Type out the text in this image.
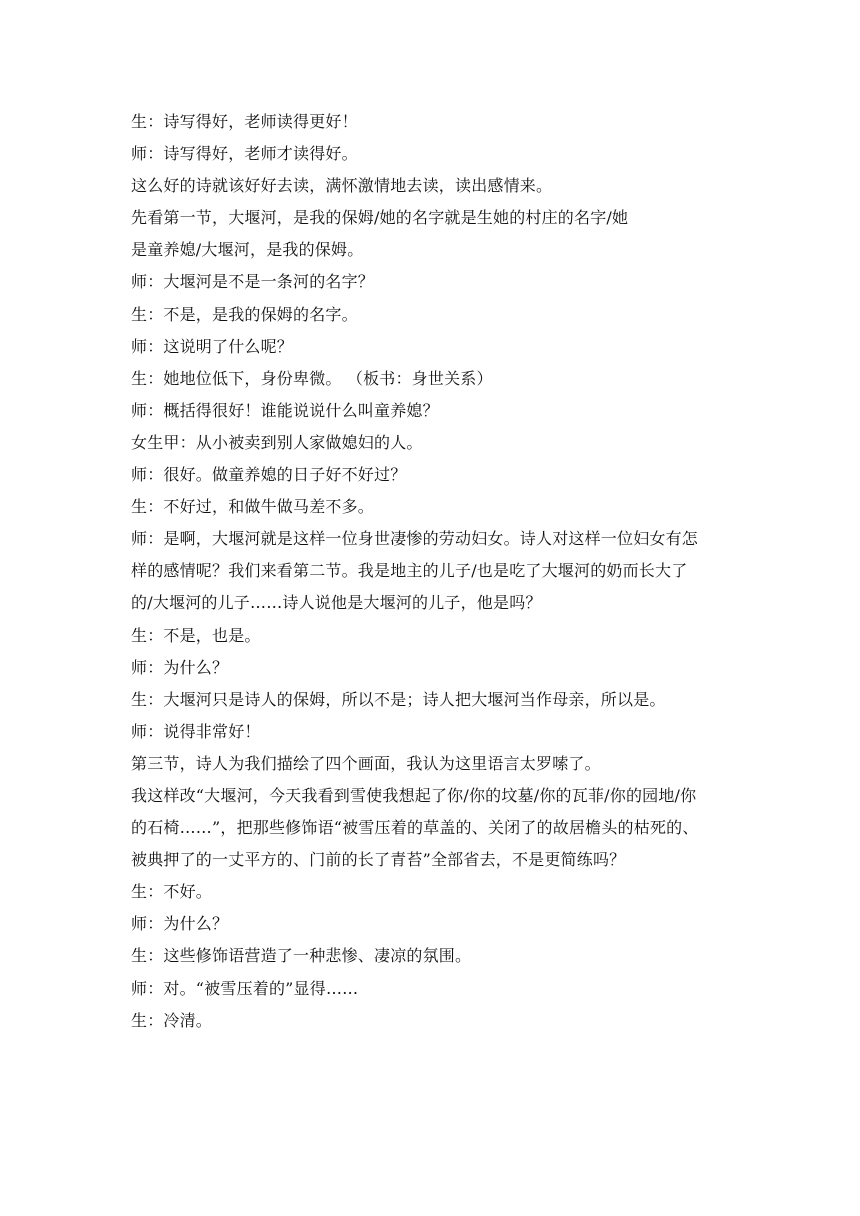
生：诗写得好，老师读得更好！
师：诗写得好，老师才读得好。
这么好的诗就该好好去读，满怀激情地去读，读出感情来。
先看第一节，大堰河，是我的保姆/她的名字就是生她的村庄的名字/她
是童养媳/大堰河，是我的保姆。
师：大堰河是不是一条河的名字？
生：不是，是我的保姆的名字。
师：这说明了什么呢？
生：她地位低下，身份卑微。 （板书：身世关系）
师：概括得很好！谁能说说什么叫童养媳？
女生甲：从小被卖到别人家做媳妇的人。
师：很好。做童养媳的日子好不好过？
生：不好过，和做牛做马差不多。
师：是啊，大堰河就是这样一位身世凄惨的劳动妇女。诗人对这样一位妇女有怎
样的感情呢？我们来看第二节。我是地主的儿子/也是吃了大堰河的奶而长大了
的/大堰河的儿子……诗人说他是大堰河的儿子，他是吗？
生：不是，也是。
师：为什么？
生：大堰河只是诗人的保姆，所以不是；诗人把大堰河当作母亲，所以是。
师：说得非常好！
第三节，诗人为我们描绘了四个画面，我认为这里语言太罗嗦了。
我这样改“大堰河，今天我看到雪使我想起了你/你的坟墓/你的瓦菲/你的园地/你
的石椅……”，把那些修饰语“被雪压着的草盖的、关闭了的故居檐头的枯死的、
被典押了的一丈平方的、门前的长了青苔”全部省去，不是更简练吗？
生：不好。
师：为什么？
生：这些修饰语营造了一种悲惨、凄凉的氛围。
师：对。“被雪压着的”显得……
生：冷清。
